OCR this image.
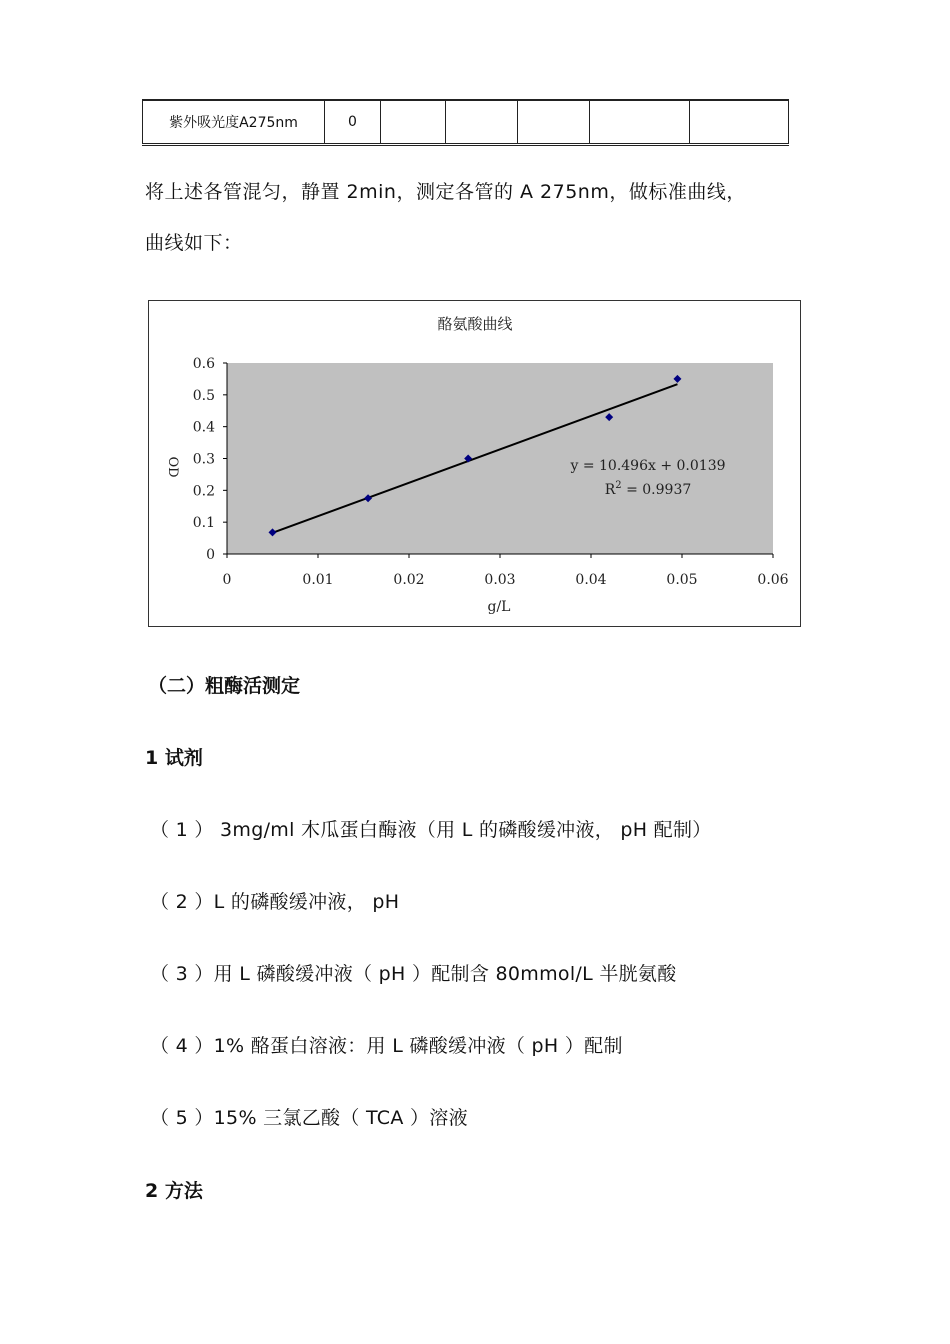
紫外吸光度A275nm	0					
将上述各管混匀，静置 2min，测定各管的 A 275nm，做标准曲线，
曲线如下：
酪氨酸曲线
g/L
OD
0
0.1
0.2
0.3
0.4
0.5
0.6
0	0.01	0.02	0.03	0.04	0.05	0.06
y = 10.496x + 0.0139
$R^2 = 0.9937$
（二）粗酶活测定
1 试剂
（ 1 ） 3mg/ml 木瓜蛋白酶液（用 L 的磷酸缓冲液， pH 配制）
（ 2 ）L 的磷酸缓冲液， pH
（ 3 ）用 L 磷酸缓冲液（ pH ）配制含 80mmol/L 半胱氨酸
（ 4 ）1% 酪蛋白溶液：用 L 磷酸缓冲液（ pH ）配制
（ 5 ）15% 三氯乙酸（ TCA ）溶液
2 方法
